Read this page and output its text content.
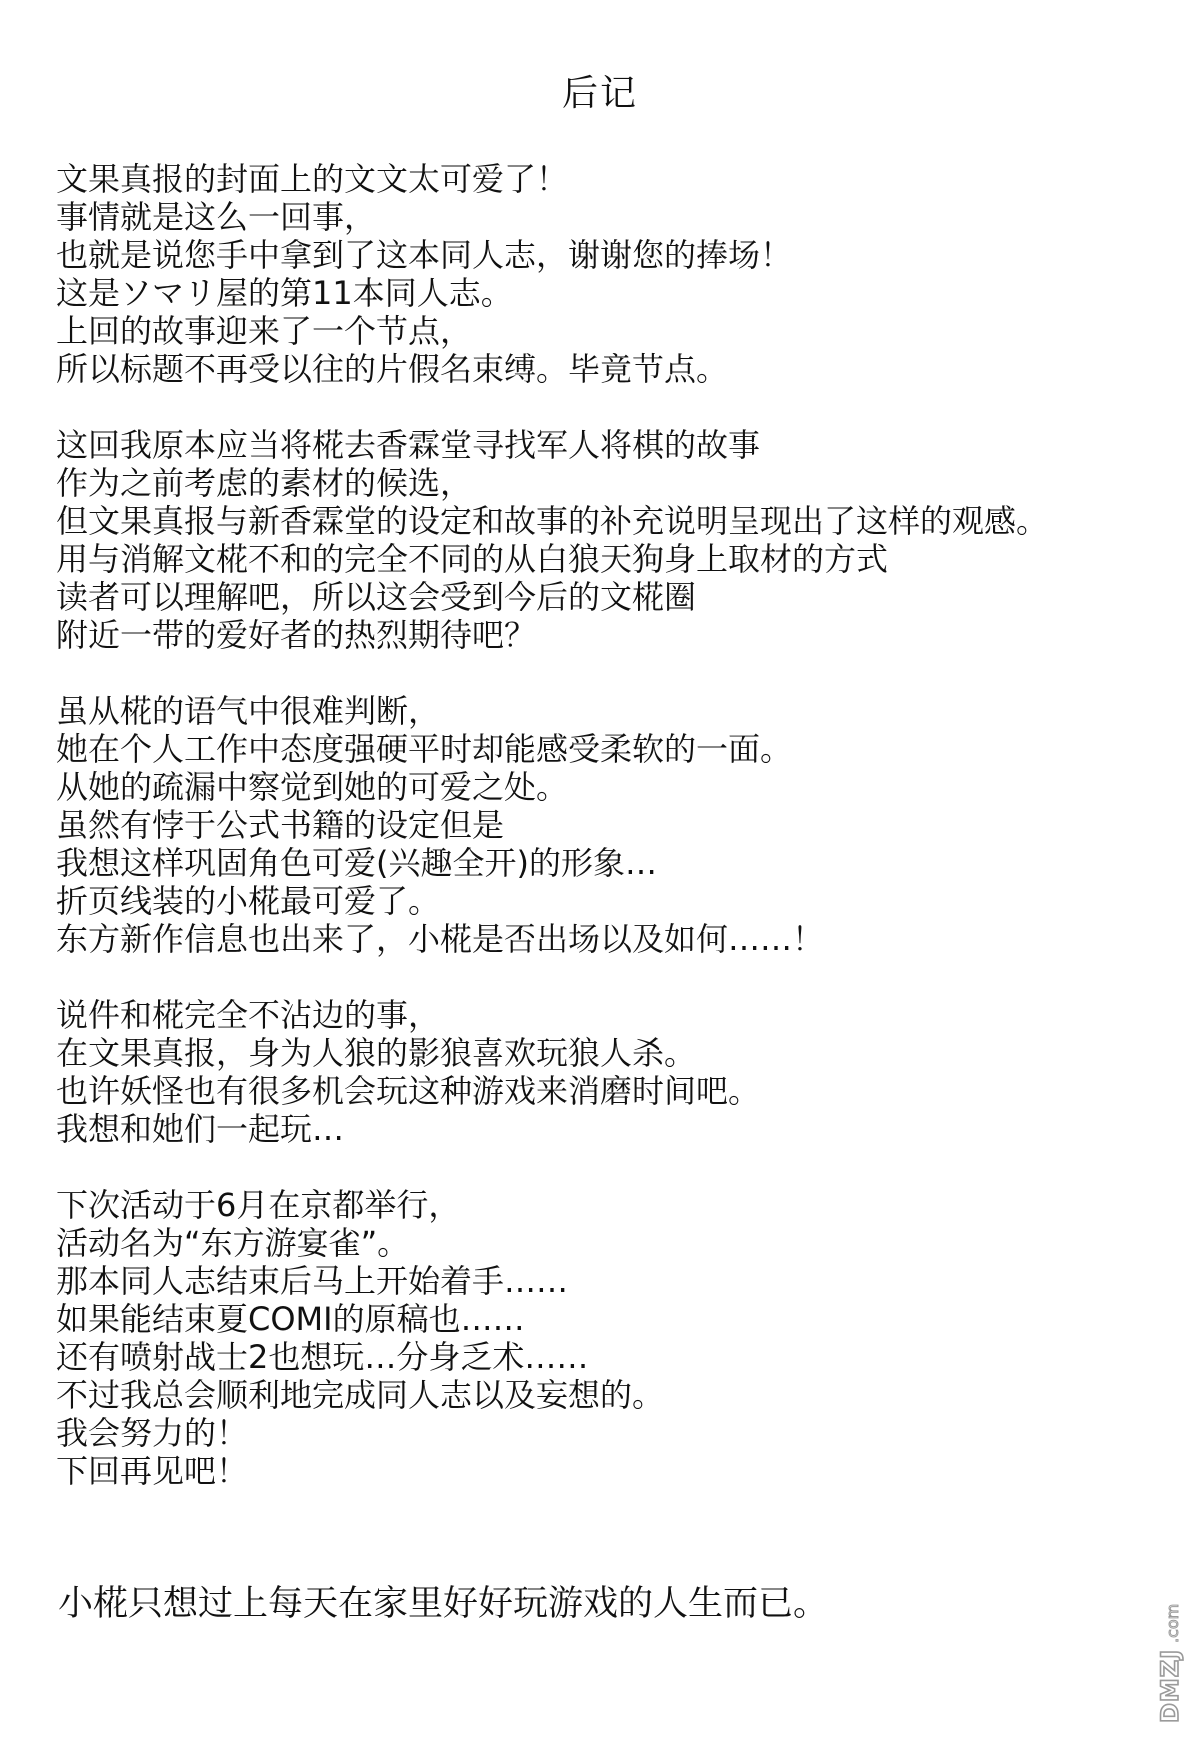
后记
文果真报的封面上的文文太可爱了！
事情就是这么一回事，
也就是说您手中拿到了这本同人志，谢谢您的捧场！
这是ソマリ屋的第11本同人志。
上回的故事迎来了一个节点，
所以标题不再受以往的片假名束缚。毕竟节点。
这回我原本应当将椛去香霖堂寻找军人将棋的故事
作为之前考虑的素材的候选，
但文果真报与新香霖堂的设定和故事的补充说明呈现出了这样的观感。
用与消解文椛不和的完全不同的从白狼天狗身上取材的方式
读者可以理解吧，所以这会受到今后的文椛圈
附近一带的爱好者的热烈期待吧？
虽从椛的语气中很难判断，
她在个人工作中态度强硬平时却能感受柔软的一面。
从她的疏漏中察觉到她的可爱之处。
虽然有悖于公式书籍的设定但是
我想这样巩固角色可爱(兴趣全开)的形象…
折页线装的小椛最可爱了。
东方新作信息也出来了，小椛是否出场以及如何……！
说件和椛完全不沾边的事，
在文果真报，身为人狼的影狼喜欢玩狼人杀。
也许妖怪也有很多机会玩这种游戏来消磨时间吧。
我想和她们一起玩…
下次活动于6月在京都举行，
活动名为“东方游宴雀”。
那本同人志结束后马上开始着手……
如果能结束夏COMI的原稿也……
还有喷射战士2也想玩…分身乏术……
不过我总会顺利地完成同人志以及妄想的。
我会努力的！
下回再见吧！
小椛只想过上每天在家里好好玩游戏的人生而已。
DMZJ
.com
